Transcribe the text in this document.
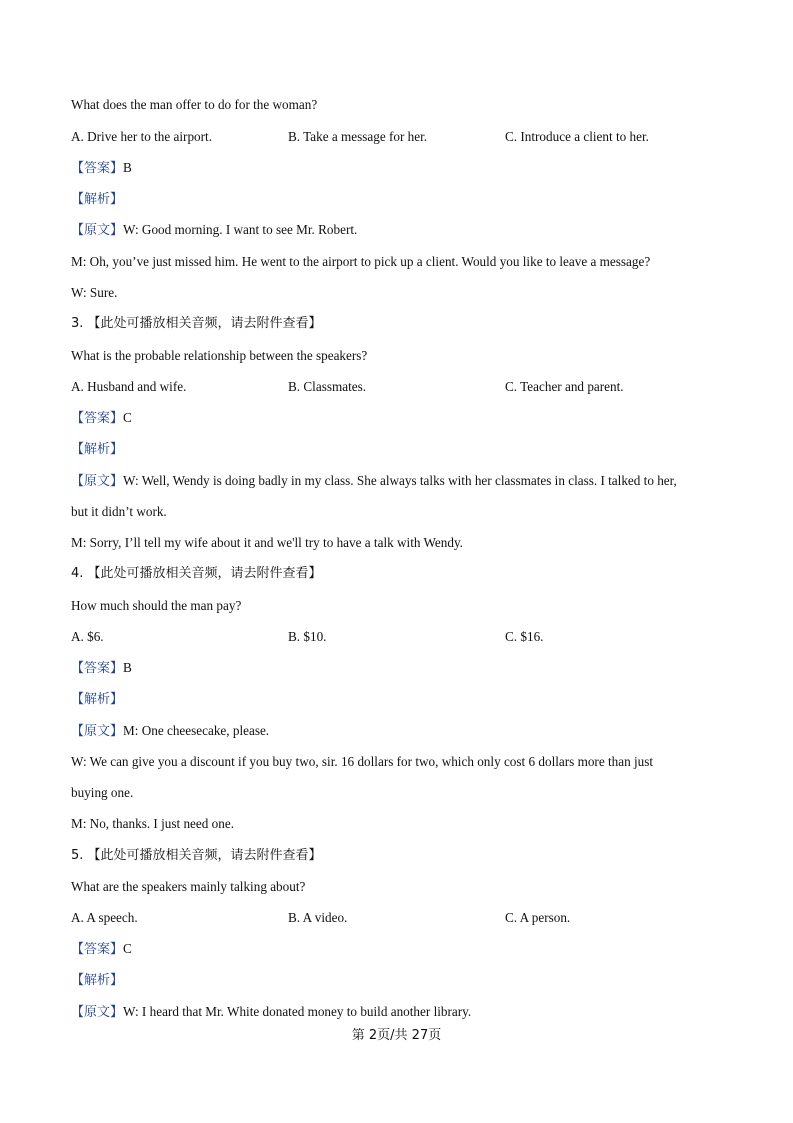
What does the man offer to do for the woman?
A. Drive her to the airport.	B. Take a message for her.	C. Introduce a client to her.
【答案】B
【解析】
【原文】W: Good morning. I want to see Mr. Robert.
M: Oh, you’ve just missed him. He went to the airport to pick up a client. Would you like to leave a message?
W: Sure.
3. 【此处可播放相关音频，请去附件查看】
What is the probable relationship between the speakers?
A. Husband and wife.	B. Classmates.	C. Teacher and parent.
【答案】C
【解析】
【原文】W: Well, Wendy is doing badly in my class. She always talks with her classmates in class. I talked to her,
but it didn’t work.
M: Sorry, I’ll tell my wife about it and we'll try to have a talk with Wendy.
4. 【此处可播放相关音频，请去附件查看】
How much should the man pay?
A. $6.	B. $10.	C. $16.
【答案】B
【解析】
【原文】M: One cheesecake, please.
W: We can give you a discount if you buy two, sir. 16 dollars for two, which only cost 6 dollars more than just
buying one.
M: No, thanks. I just need one.
5. 【此处可播放相关音频，请去附件查看】
What are the speakers mainly talking about?
A. A speech.	B. A video.	C. A person.
【答案】C
【解析】
【原文】W: I heard that Mr. White donated money to build another library.
第 2页/共 27页
